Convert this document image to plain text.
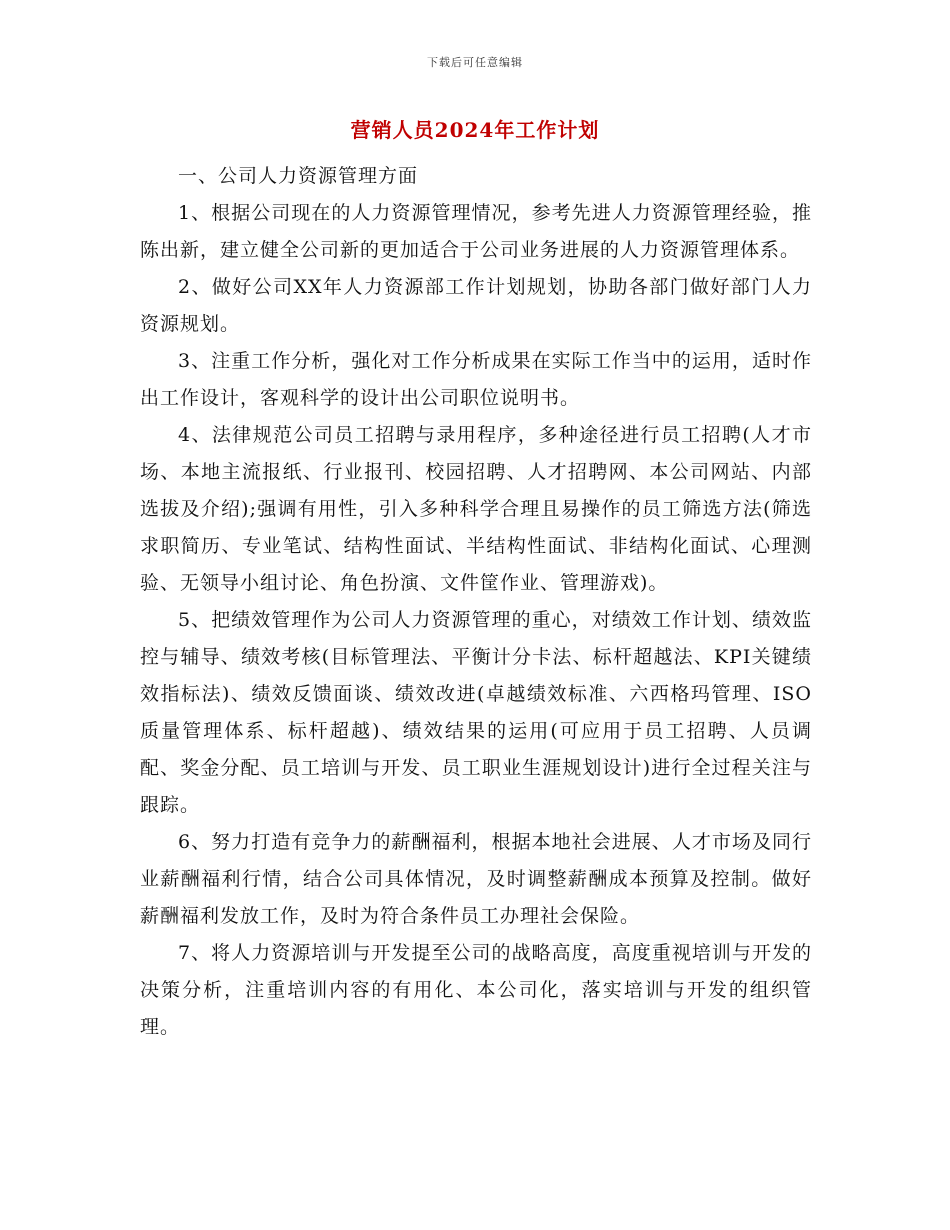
下载后可任意编辑
营销人员2024年工作计划

一、公司人力资源管理方面

1、根据公司现在的人力资源管理情况，参考先进人力资源管理经验，推陈出新，建立健全公司新的更加适合于公司业务进展的人力资源管理体系。

2、做好公司XX年人力资源部工作计划规划，协助各部门做好部门人力资源规划。

3、注重工作分析，强化对工作分析成果在实际工作当中的运用，适时作出工作设计，客观科学的设计出公司职位说明书。

4、法律规范公司员工招聘与录用程序，多种途径进行员工招聘(人才市场、本地主流报纸、行业报刊、校园招聘、人才招聘网、本公司网站、内部选拔及介绍);强调有用性，引入多种科学合理且易操作的员工筛选方法(筛选求职简历、专业笔试、结构性面试、半结构性面试、非结构化面试、心理测验、无领导小组讨论、角色扮演、文件筐作业、管理游戏)。

5、把绩效管理作为公司人力资源管理的重心，对绩效工作计划、绩效监控与辅导、绩效考核(目标管理法、平衡计分卡法、标杆超越法、KPI关键绩效指标法)、绩效反馈面谈、绩效改进(卓越绩效标准、六西格玛管理、ISO质量管理体系、标杆超越)、绩效结果的运用(可应用于员工招聘、人员调配、奖金分配、员工培训与开发、员工职业生涯规划设计)进行全过程关注与跟踪。

6、努力打造有竞争力的薪酬福利，根据本地社会进展、人才市场及同行业薪酬福利行情，结合公司具体情况，及时调整薪酬成本预算及控制。做好薪酬福利发放工作，及时为符合条件员工办理社会保险。

7、将人力资源培训与开发提至公司的战略高度，高度重视培训与开发的决策分析，注重培训内容的有用化、本公司化，落实培训与开发的组织管理。
